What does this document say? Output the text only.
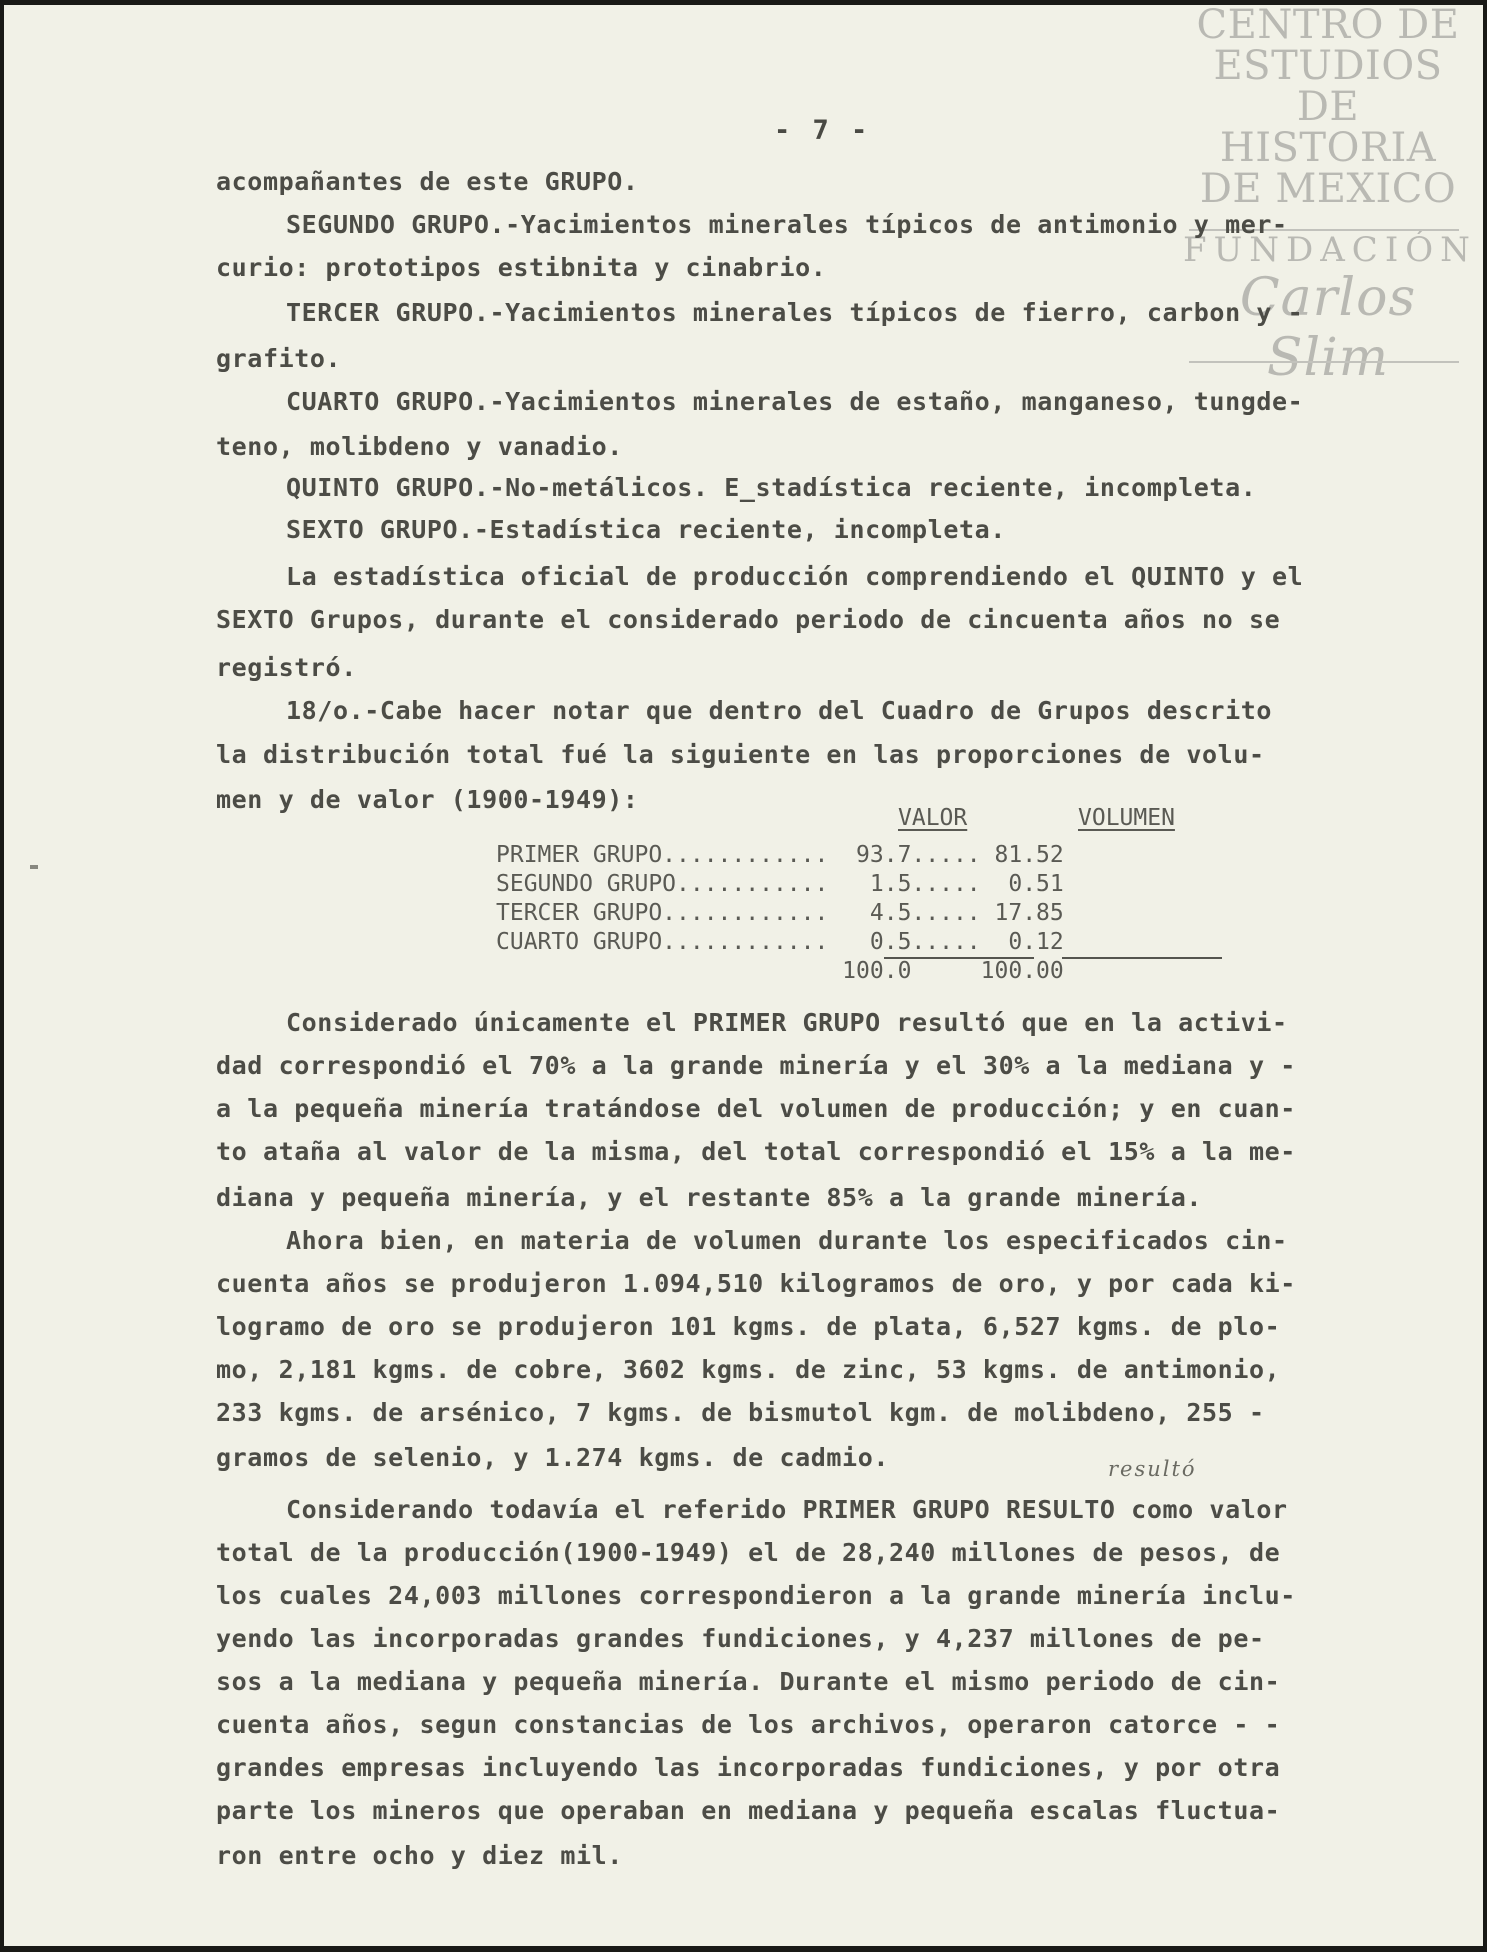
CENTRO DE
ESTUDIOS
DE HISTORIA
DE MEXICO
FUNDACIÓN
Carlos Slim
- 7 -
acompañantes de este GRUPO.
SEGUNDO GRUPO.-Yacimientos minerales típicos de antimonio y mer-
curio: prototipos estibnita y cinabrio.
TERCER GRUPO.-Yacimientos minerales típicos de fierro, carbon y -
grafito.
CUARTO GRUPO.-Yacimientos minerales de estaño, manganeso, tungde-
teno, molibdeno y vanadio.
QUINTO GRUPO.-No-metálicos. E_stadística reciente, incompleta.
SEXTO GRUPO.-Estadística reciente, incompleta.
La estadística oficial de producción comprendiendo el QUINTO y el
SEXTO Grupos, durante el considerado periodo de cincuenta años no se
registró.
18/o.-Cabe hacer notar que dentro del Cuadro de Grupos descrito
la distribución total fué la siguiente en las proporciones de volu-
men y de valor (1900-1949):

VALOR

	VOLUMEN

PRIMER GRUPO............  93.7..... 81.52

SEGUNDO GRUPO...........   1.5.....  0.51

TERCER GRUPO............   4.5..... 17.85

CUARTO GRUPO............   0.5.....  0.12

100.0     100.00

Considerado únicamente el PRIMER GRUPO resultó que en la activi-
dad correspondió el 70% a la grande minería y el 30% a la mediana y -
a la pequeña minería tratándose del volumen de producción; y en cuan-
to ataña al valor de la misma, del total correspondió el 15% a la me-
diana y pequeña minería, y el restante 85% a la grande minería.
Ahora bien, en materia de volumen durante los especificados cin-
cuenta años se produjeron 1.094,510 kilogramos de oro, y por cada ki-
logramo de oro se produjeron 101 kgms. de plata, 6,527 kgms. de plo-
mo, 2,181 kgms. de cobre, 3602 kgms. de zinc, 53 kgms. de antimonio,
233 kgms. de arsénico, 7 kgms. de bismutol kgm. de molibdeno, 255 -
gramos de selenio, y 1.274 kgms. de cadmio.	resultó
Considerando todavía el referido PRIMER GRUPO RESULTO como valor
total de la producción(1900-1949) el de 28,240 millones de pesos, de
los cuales 24,003 millones correspondieron a la grande minería inclu-
yendo las incorporadas grandes fundiciones, y 4,237 millones de pe-
sos a la mediana y pequeña minería. Durante el mismo periodo de cin-
cuenta años, segun constancias de los archivos, operaron catorce - -
grandes empresas incluyendo las incorporadas fundiciones, y por otra
parte los mineros que operaban en mediana y pequeña escalas fluctua-
ron entre ocho y diez mil.
